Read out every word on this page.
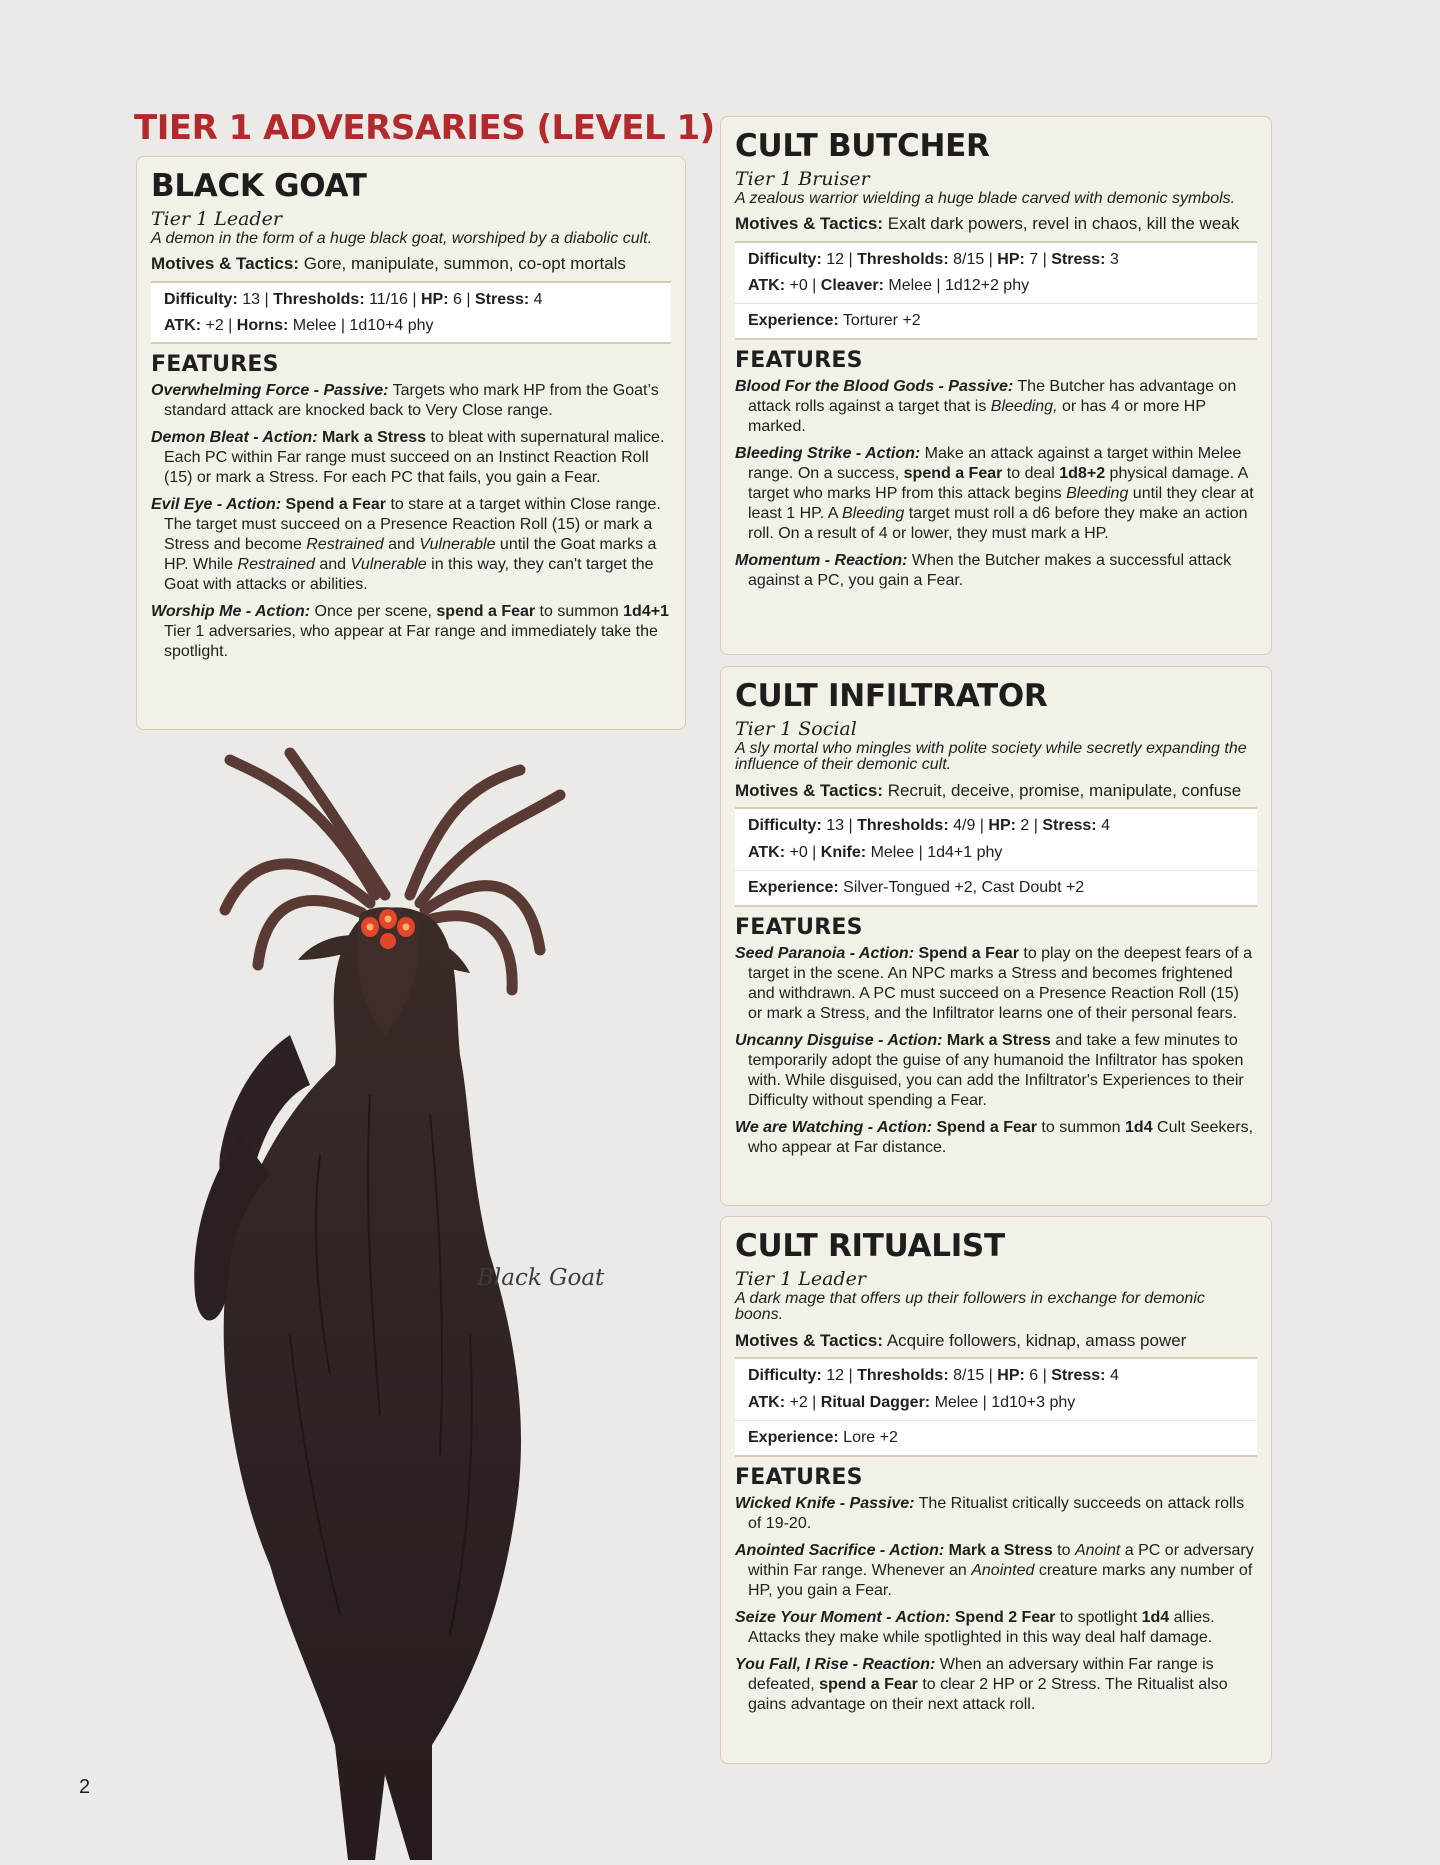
TIER 1 ADVERSARIES (LEVEL 1)
BLACK GOAT
Tier 1 Leader
A demon in the form of a huge black goat, worshiped by a diabolic cult.
Motives & Tactics: Gore, manipulate, summon, co-opt mortals
Difficulty: 13 | Thresholds: 11/16 | HP: 6 | Stress: 4
ATK: +2 | Horns: Melee | 1d10+4 phy
FEATURES

Overwhelming Force - Passive: Targets who mark HP from the Goat’s standard attack are knocked back to Very Close range.

Demon Bleat - Action: Mark a Stress to bleat with supernatural malice. Each PC within Far range must succeed on an Instinct Reaction Roll (15) or mark a Stress. For each PC that fails, you gain a Fear.

Evil Eye - Action: Spend a Fear to stare at a target within Close range. The target must succeed on a Presence Reaction Roll (15) or mark a Stress and become Restrained and Vulnerable until the Goat marks a HP. While Restrained and Vulnerable in this way, they can't target the Goat with attacks or abilities.

Worship Me - Action: Once per scene, spend a Fear to summon 1d4+1 Tier 1 adversaries, who appear at Far range and immediately take the spotlight.

Black Goat
CULT BUTCHER
Tier 1 Bruiser
A zealous warrior wielding a huge blade carved with demonic symbols.
Motives & Tactics: Exalt dark powers, revel in chaos, kill the weak
Difficulty: 12 | Thresholds: 8/15 | HP: 7 | Stress: 3
ATK: +0 | Cleaver: Melee | 1d12+2 phy
Experience: Torturer +2
FEATURES

Blood For the Blood Gods - Passive: The Butcher has advantage on attack rolls against a target that is Bleeding, or has 4 or more HP marked.

Bleeding Strike - Action: Make an attack against a target within Melee range. On a success, spend a Fear to deal 1d8+2 physical damage. A target who marks HP from this attack begins Bleeding until they clear at least 1 HP. A Bleeding target must roll a d6 before they make an action roll. On a result of 4 or lower, they must mark a HP.

Momentum - Reaction: When the Butcher makes a successful attack against a PC, you gain a Fear.

CULT INFILTRATOR
Tier 1 Social
A sly mortal who mingles with polite society while secretly expanding the influence of their demonic cult.
Motives & Tactics: Recruit, deceive, promise, manipulate, confuse
Difficulty: 13 | Thresholds: 4/9 | HP: 2 | Stress: 4
ATK: +0 | Knife: Melee | 1d4+1 phy
Experience: Silver-Tongued +2, Cast Doubt +2
FEATURES

Seed Paranoia - Action: Spend a Fear to play on the deepest fears of a target in the scene. An NPC marks a Stress and becomes frightened and withdrawn. A PC must succeed on a Presence Reaction Roll (15) or mark a Stress, and the Infiltrator learns one of their personal fears.

Uncanny Disguise - Action: Mark a Stress and take a few minutes to temporarily adopt the guise of any humanoid the Infiltrator has spoken with. While disguised, you can add the Infiltrator's Experiences to their Difficulty without spending a Fear.

We are Watching - Action: Spend a Fear to summon 1d4 Cult Seekers, who appear at Far distance.

CULT RITUALIST
Tier 1 Leader
A dark mage that offers up their followers in exchange for demonic boons.
Motives & Tactics: Acquire followers, kidnap, amass power
Difficulty: 12 | Thresholds: 8/15 | HP: 6 | Stress: 4
ATK: +2 | Ritual Dagger: Melee | 1d10+3 phy
Experience: Lore +2
FEATURES

Wicked Knife - Passive: The Ritualist critically succeeds on attack rolls of 19-20.

Anointed Sacrifice - Action: Mark a Stress to Anoint a PC or adversary within Far range. Whenever an Anointed creature marks any number of HP, you gain a Fear.

Seize Your Moment - Action: Spend 2 Fear to spotlight 1d4 allies. Attacks they make while spotlighted in this way deal half damage.

You Fall, I Rise - Reaction: When an adversary within Far range is defeated, spend a Fear to clear 2 HP or 2 Stress. The Ritualist also gains advantage on their next attack roll.

2
